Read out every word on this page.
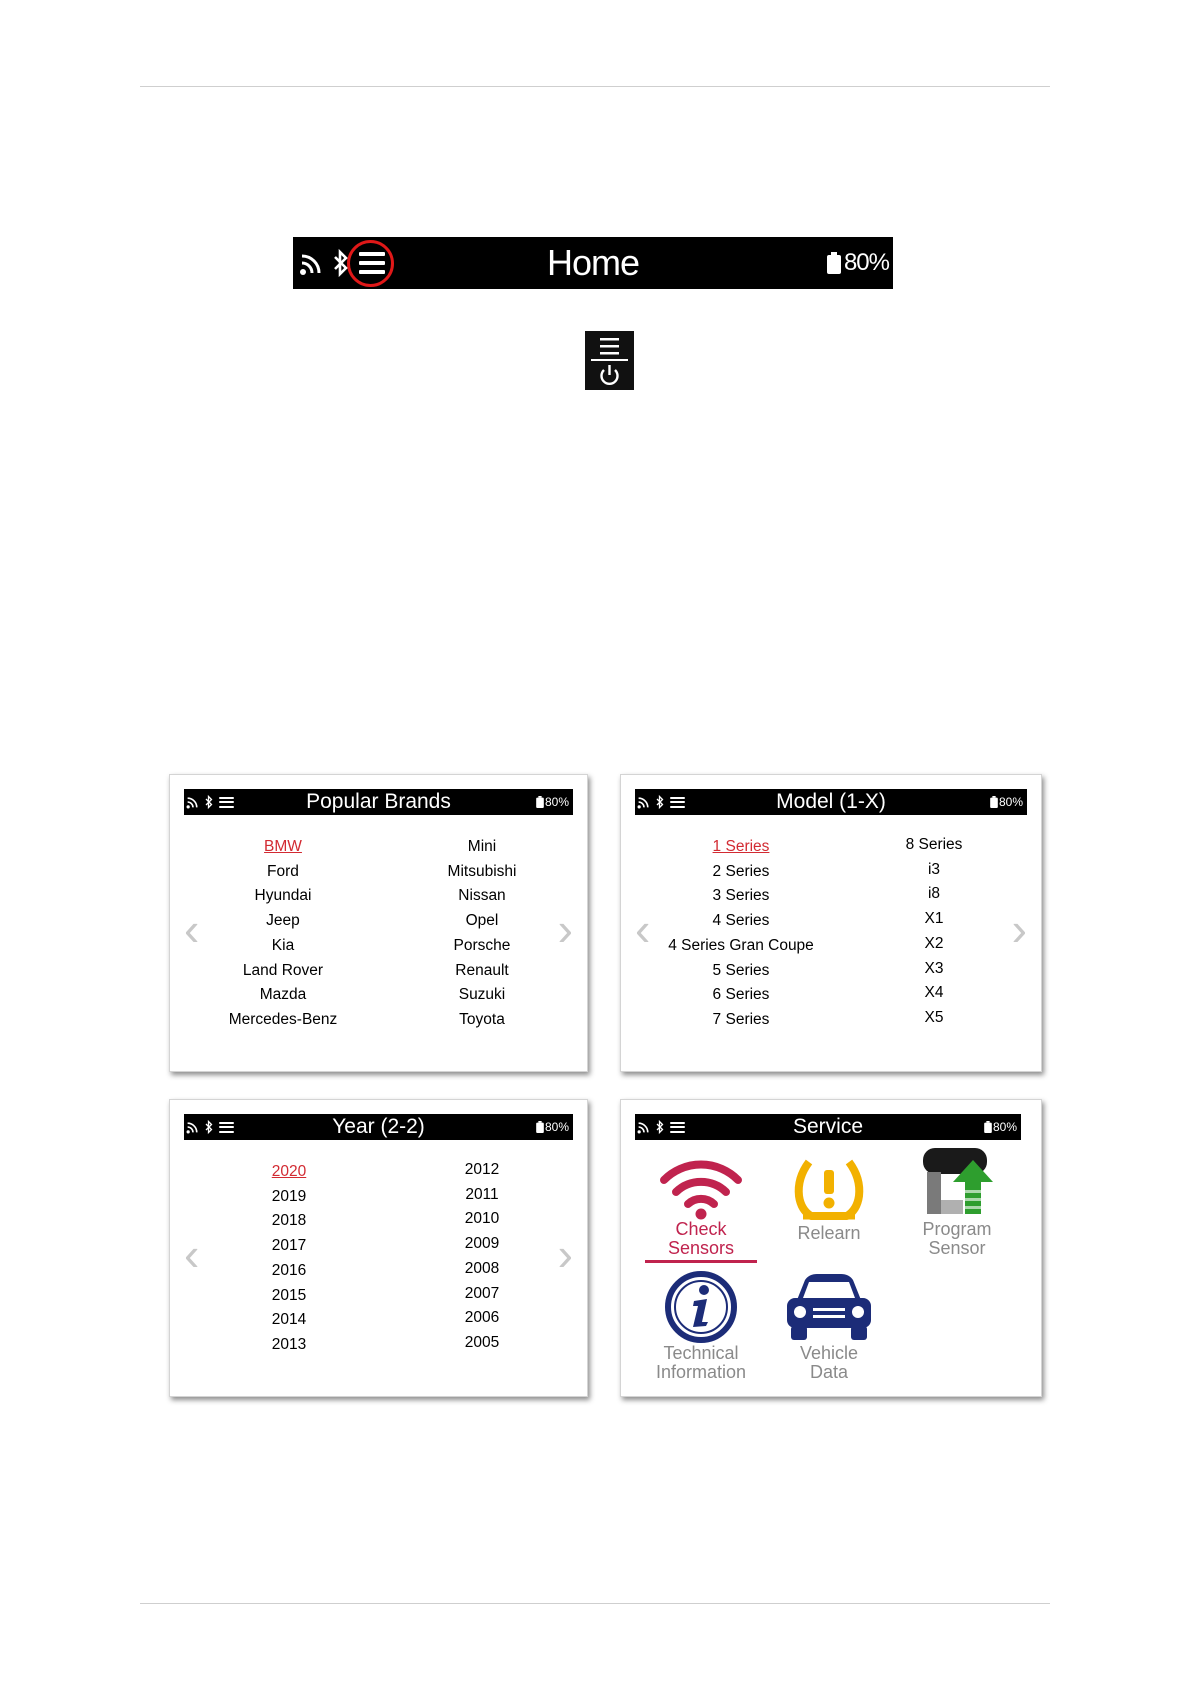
Home	80%
Popular Brands	80%
‹	›
BMW
Ford
Hyundai
Jeep
Kia
Land Rover
Mazda
Mercedes-Benz
Mini
Mitsubishi
Nissan
Opel
Porsche
Renault
Suzuki
Toyota
Model (1-X)	80%
‹	›
1 Series
2 Series
3 Series
4 Series
4 Series Gran Coupe
5 Series
6 Series
7 Series
8 Series
i3
i8
X1
X2
X3
X4
X5
Year (2-2)	80%
‹	›
2020
2019
2018
2017
2016
2015
2014
2013
2012
2011
2010
2009
2008
2007
2006
2005
Service	80%
Check
Sensors
Relearn	Program
Sensor
Technical
Information
Vehicle
Data
